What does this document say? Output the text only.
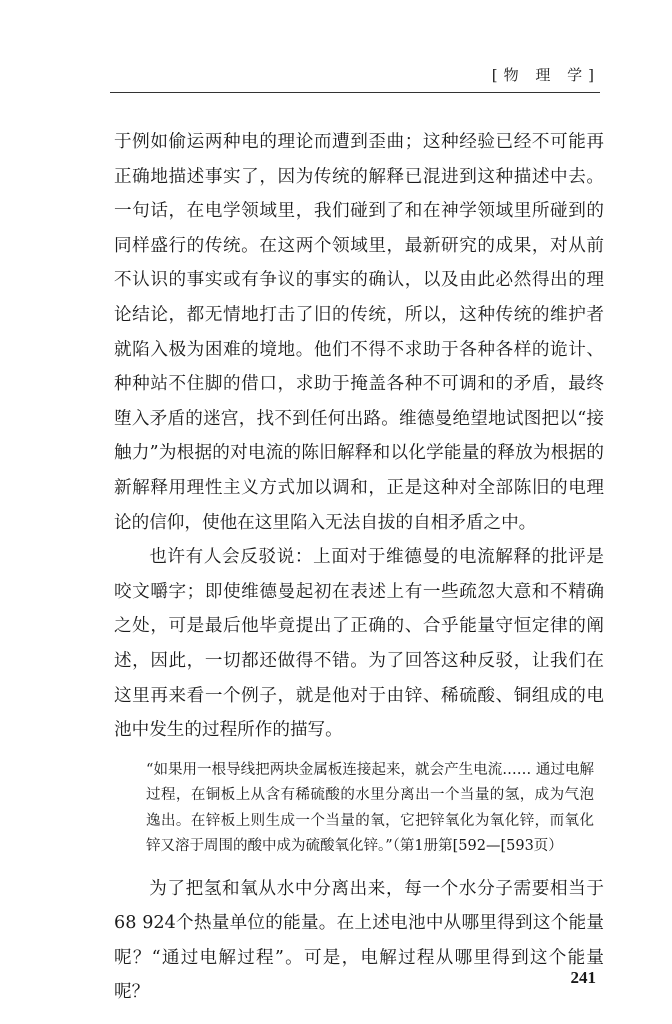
[物 理 学]

于例如偷运两种电的理论而遭到歪曲；这种经验已经不可能再正确地描述事实了，因为传统的解释已混进到这种描述中去。一句话，在电学领域里，我们碰到了和在神学领域里所碰到的同样盛行的传统。在这两个领域里，最新研究的成果，对从前不认识的事实或有争议的事实的确认，以及由此必然得出的理论结论，都无情地打击了旧的传统，所以，这种传统的维护者就陷入极为困难的境地。他们不得不求助于各种各样的诡计、种种站不住脚的借口，求助于掩盖各种不可调和的矛盾，最终堕入矛盾的迷宫，找不到任何出路。维德曼绝望地试图把以“接触力”为根据的对电流的陈旧解释和以化学能量的释放为根据的新解释用理性主义方式加以调和，正是这种对全部陈旧的电理论的信仰，使他在这里陷入无法自拔的自相矛盾之中。

也许有人会反驳说：上面对于维德曼的电流解释的批评是咬文嚼字；即使维德曼起初在表述上有一些疏忽大意和不精确之处，可是最后他毕竟提出了正确的、合乎能量守恒定律的阐述，因此，一切都还做得不错。为了回答这种反驳，让我们在这里再来看一个例子，就是他对于由锌、稀硫酸、铜组成的电池中发生的过程所作的描写。

“如果用一根导线把两块金属板连接起来，就会产生电流…… 通过电解过程，在铜板上从含有稀硫酸的水里分离出一个当量的氢，成为气泡逸出。在锌板上则生成一个当量的氧，它把锌氧化为氧化锌，而氧化锌又溶于周围的酸中成为硫酸氧化锌。”（第1册第[592—[593页）

为了把氢和氧从水中分离出来，每一个水分子需要相当于68 924个热量单位的能量。在上述电池中从哪里得到这个能量呢？“通过电解过程”。可是，电解过程从哪里得到这个能量呢？

241
